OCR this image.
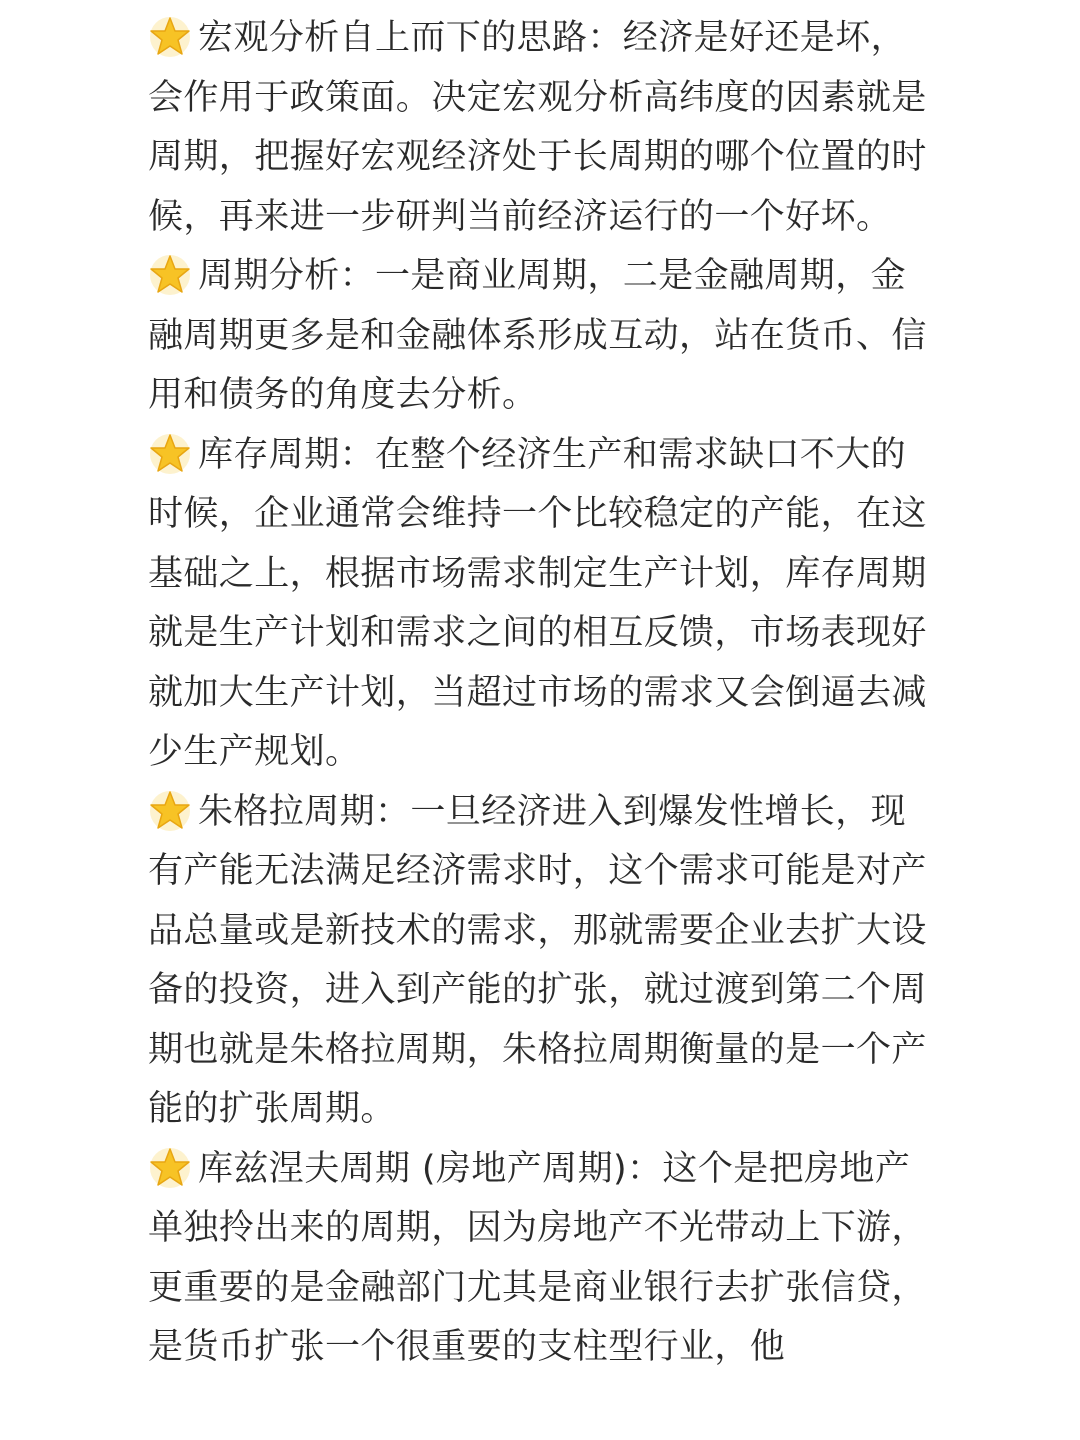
宏观分析自上而下的思路：经济是好还是坏，会作用于政策面。决定宏观分析高纬度的因素就是周期，把握好宏观经济处于长周期的哪个位置的时候，再来进一步研判当前经济运行的一个好坏。

周期分析：一是商业周期，二是金融周期，金融周期更多是和金融体系形成互动，站在货币、信用和债务的角度去分析。

库存周期：在整个经济生产和需求缺口不大的时候，企业通常会维持一个比较稳定的产能，在这基础之上，根据市场需求制定生产计划，库存周期就是生产计划和需求之间的相互反馈，市场表现好就加大生产计划，当超过市场的需求又会倒逼去减少生产规划。

朱格拉周期：一旦经济进入到爆发性增长，现有产能无法满足经济需求时，这个需求可能是对产品总量或是新技术的需求，那就需要企业去扩大设备的投资，进入到产能的扩张，就过渡到第二个周期也就是朱格拉周期，朱格拉周期衡量的是一个产能的扩张周期。

库兹涅夫周期 (房地产周期)：这个是把房地产单独拎出来的周期，因为房地产不光带动上下游，更重要的是金融部门尤其是商业银行去扩张信贷，是货币扩张一个很重要的支柱型行业，他
